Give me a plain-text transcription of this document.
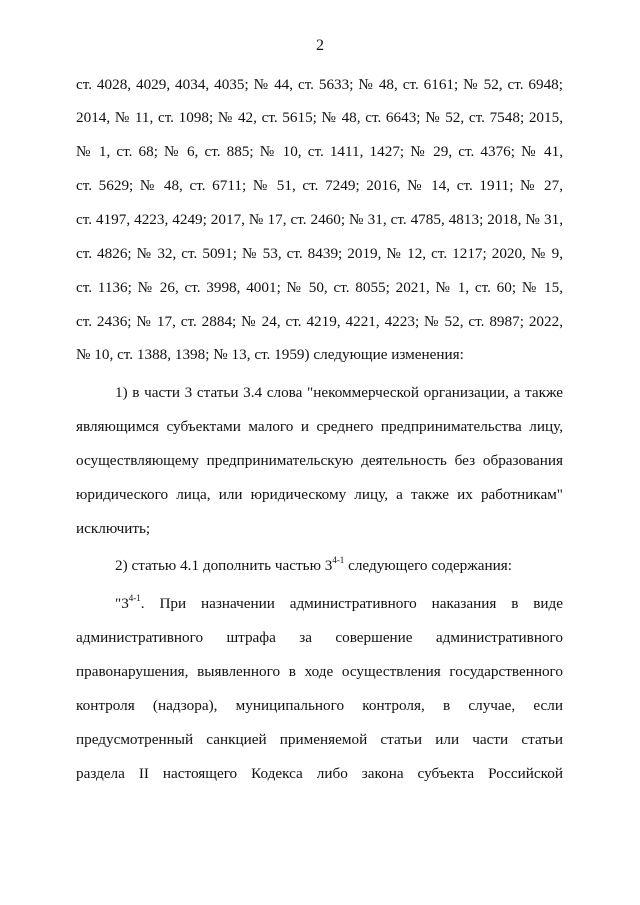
2
ст. 4028, 4029, 4034, 4035; № 44, ст. 5633; № 48, ст. 6161; № 52, ст. 6948;
2014, № 11, ст. 1098; № 42, ст. 5615; № 48, ст. 6643; № 52, ст. 7548; 2015,
№ 1, ст. 68; № 6, ст. 885; № 10, ст. 1411, 1427; № 29, ст. 4376; № 41,
ст. 5629; № 48, ст. 6711; № 51, ст. 7249; 2016, № 14, ст. 1911; № 27,
ст. 4197, 4223, 4249; 2017, № 17, ст. 2460; № 31, ст. 4785, 4813; 2018, № 31,
ст. 4826; № 32, ст. 5091; № 53, ст. 8439; 2019, № 12, ст. 1217; 2020, № 9,
ст. 1136; № 26, ст. 3998, 4001; № 50, ст. 8055; 2021, № 1, ст. 60; № 15,
ст. 2436; № 17, ст. 2884; № 24, ст. 4219, 4221, 4223; № 52, ст. 8987; 2022,
№ 10, ст. 1388, 1398; № 13, ст. 1959) следующие изменения:
1) в части 3 статьи 3.4 слова "некоммерческой организации, а также
являющимся субъектами малого и среднего предпринимательства лицу,
осуществляющему предпринимательскую деятельность без образования
юридического лица, или юридическому лицу, а также их работникам"
исключить;
2) статью 4.1 дополнить частью 3$^{4-1}$ следующего содержания:
"3$^{4-1}$. При назначении административного наказания в виде
административного штрафа за совершение административного
правонарушения, выявленного в ходе осуществления государственного
контроля (надзора), муниципального контроля, в случае, если
предусмотренный санкцией применяемой статьи или части статьи
раздела II настоящего Кодекса либо закона субъекта Российской
